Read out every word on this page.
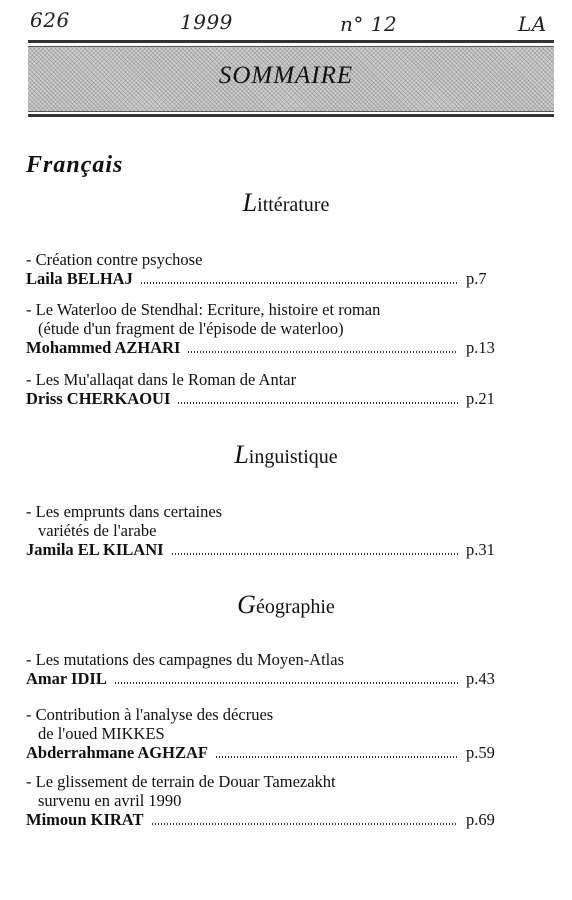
626	1999	n° 12	LA
SOMMAIRE
Français
Littérature
- Création contre psychose
Laila BELHAJ	p.7
- Le Waterloo de Stendhal: Ecriture, histoire et roman
(étude d'un fragment de l'épisode de waterloo)
Mohammed AZHARI	p.13
- Les Mu'allaqat dans le Roman de Antar
Driss CHERKAOUI	p.21
Linguistique
- Les emprunts dans certaines
variétés de l'arabe
Jamila EL KILANI	p.31
Géographie
- Les mutations des campagnes du Moyen-Atlas
Amar IDIL	p.43
- Contribution à l'analyse des décrues
de l'oued MIKKES
Abderrahmane AGHZAF	p.59
- Le glissement de terrain de Douar Tamezakht
survenu en avril 1990
Mimoun KIRAT	p.69
